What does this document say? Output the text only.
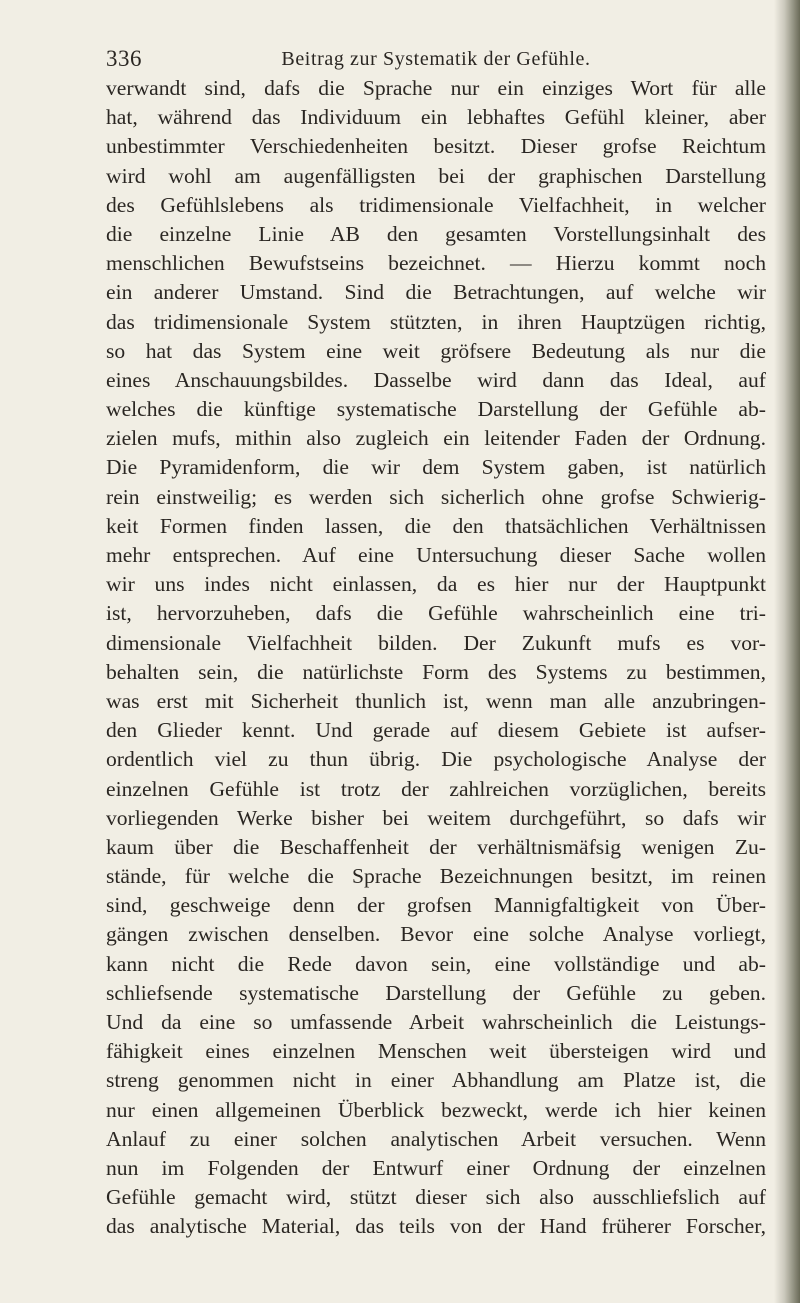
336	Beitrag zur Systematik der Gefühle.
verwandt sind, dafs die Sprache nur ein einziges Wort für alle
hat, während das Individuum ein lebhaftes Gefühl kleiner, aber
unbestimmter Verschiedenheiten besitzt. Dieser grofse Reichtum
wird wohl am augenfälligsten bei der graphischen Darstellung
des Gefühlslebens als tridimensionale Vielfachheit, in welcher
die einzelne Linie AB den gesamten Vorstellungsinhalt des
menschlichen Bewufstseins bezeichnet. — Hierzu kommt noch
ein anderer Umstand. Sind die Betrachtungen, auf welche wir
das tridimensionale System stützten, in ihren Hauptzügen richtig,
so hat das System eine weit gröfsere Bedeutung als nur die
eines Anschauungsbildes. Dasselbe wird dann das Ideal, auf
welches die künftige systematische Darstellung der Gefühle ab-
zielen mufs, mithin also zugleich ein leitender Faden der Ordnung.
Die Pyramidenform, die wir dem System gaben, ist natürlich
rein einstweilig; es werden sich sicherlich ohne grofse Schwierig-
keit Formen finden lassen, die den thatsächlichen Verhältnissen
mehr entsprechen. Auf eine Untersuchung dieser Sache wollen
wir uns indes nicht einlassen, da es hier nur der Hauptpunkt
ist, hervorzuheben, dafs die Gefühle wahrscheinlich eine tri-
dimensionale Vielfachheit bilden. Der Zukunft mufs es vor-
behalten sein, die natürlichste Form des Systems zu bestimmen,
was erst mit Sicherheit thunlich ist, wenn man alle anzubringen-
den Glieder kennt. Und gerade auf diesem Gebiete ist aufser-
ordentlich viel zu thun übrig. Die psychologische Analyse der
einzelnen Gefühle ist trotz der zahlreichen vorzüglichen, bereits
vorliegenden Werke bisher bei weitem durchgeführt, so dafs wir
kaum über die Beschaffenheit der verhältnismäfsig wenigen Zu-
stände, für welche die Sprache Bezeichnungen besitzt, im reinen
sind, geschweige denn der grofsen Mannigfaltigkeit von Über-
gängen zwischen denselben. Bevor eine solche Analyse vorliegt,
kann nicht die Rede davon sein, eine vollständige und ab-
schliefsende systematische Darstellung der Gefühle zu geben.
Und da eine so umfassende Arbeit wahrscheinlich die Leistungs-
fähigkeit eines einzelnen Menschen weit übersteigen wird und
streng genommen nicht in einer Abhandlung am Platze ist, die
nur einen allgemeinen Überblick bezweckt, werde ich hier keinen
Anlauf zu einer solchen analytischen Arbeit versuchen. Wenn
nun im Folgenden der Entwurf einer Ordnung der einzelnen
Gefühle gemacht wird, stützt dieser sich also ausschliefslich auf
das analytische Material, das teils von der Hand früherer Forscher,
